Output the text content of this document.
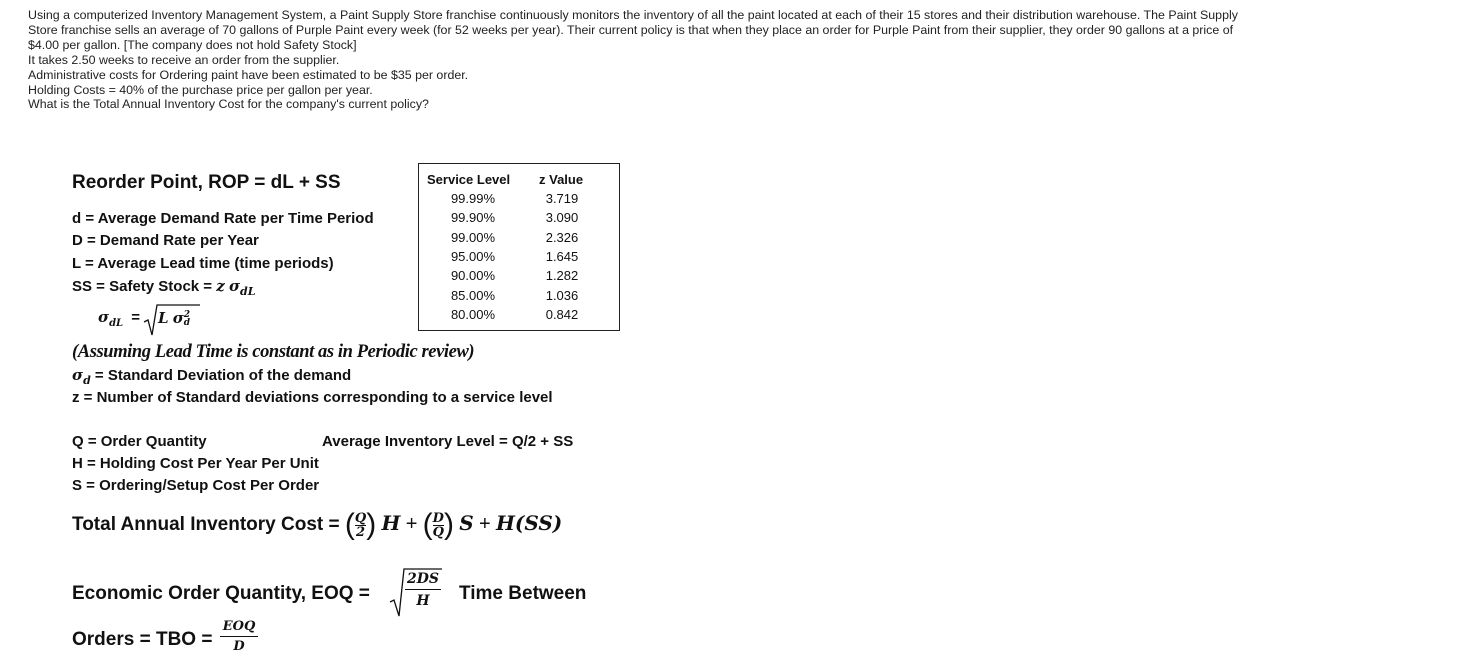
Using a computerized Inventory Management System, a Paint Supply Store franchise continuously monitors the inventory of all the paint located at each of their 15 stores and their distribution warehouse. The Paint Supply
Store franchise sells an average of 70 gallons of Purple Paint every week (for 52 weeks per year). Their current policy is that when they place an order for Purple Paint from their supplier, they order 90 gallons at a price of
$4.00 per gallon. [The company does not hold Safety Stock]
It takes 2.50 weeks to receive an order from the supplier.
Administrative costs for Ordering paint have been estimated to be $35 per order.
Holding Costs = 40% of the purchase price per gallon per year.
What is the Total Annual Inventory Cost for the company's current policy?
Reorder Point, ROP = dL + SS
d = Average Demand Rate per Time Period
D = Demand Rate per Year
L = Average Lead time (time periods)
SS = Safety Stock = z $\sigma_{dL}$
$\sigma_{dL} = L$ σ 2
d
Service Level z Value
99.99%	3.719
99.90%	3.090
99.00%	2.326
95.00%	1.645
90.00%	1.282
85.00%	1.036
80.00%	0.842
(Assuming Lead Time is constant as in Periodic review)
$\sigma_d$ = Standard Deviation of the demand
z = Number of Standard deviations corresponding to a service level
Q = Order Quantity	Average Inventory Level = Q/2 + SS
H = Holding Cost Per Year Per Unit
S = Ordering/Setup Cost Per Order
Total Annual Inventory Cost = ( $\frac{Q}{2}$ ) H + ( $\frac{D}{Q}$ ) S + H(SS)
Economic Order Quantity, EOQ =	$\frac{2DS}{H}$ Time Between
Orders = TBO =
EOQ
D
